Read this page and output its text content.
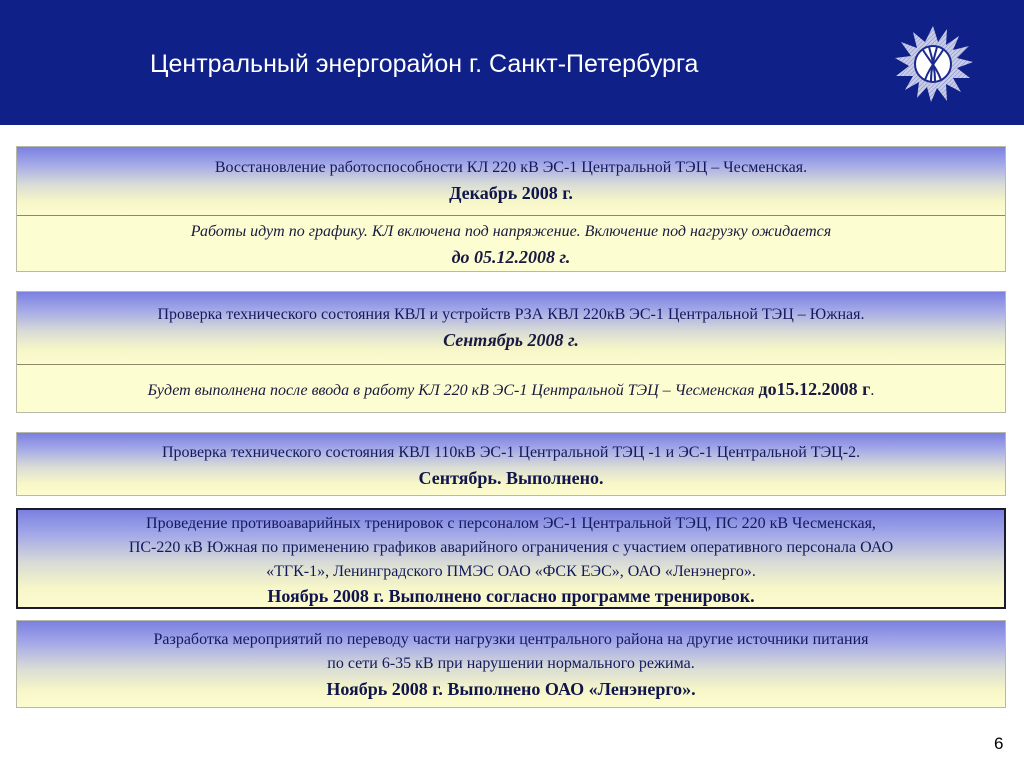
Центральный энергорайон г. Санкт-Петербурга
Восстановление работоспособности КЛ 220 кВ ЭС-1 Центральной ТЭЦ – Чесменская.
Декабрь 2008 г.
Работы идут по графику. КЛ включена под напряжение. Включение под нагрузку ожидается
до 05.12.2008 г.
Проверка технического состояния КВЛ и устройств РЗА КВЛ 220кВ ЭС-1 Центральной ТЭЦ – Южная.
Сентябрь 2008 г.
Будет выполнена после ввода в работу КЛ 220 кВ ЭС-1 Центральной ТЭЦ – Чесменская до15.12.2008 г.
Проверка технического состояния КВЛ 110кВ ЭС-1 Центральной ТЭЦ -1 и ЭС-1 Центральной ТЭЦ-2.
Сентябрь. Выполнено.
Проведение противоаварийных тренировок с персоналом ЭС-1 Центральной ТЭЦ, ПС 220 кВ Чесменская,
ПС-220 кВ Южная по применению графиков аварийного ограничения с участием оперативного персонала ОАО
«ТГК-1», Ленинградского ПМЭС ОАО «ФСК ЕЭС», ОАО «Ленэнерго».
Ноябрь 2008 г. Выполнено согласно программе тренировок.
Разработка мероприятий по переводу части нагрузки центрального района на другие источники питания
по сети 6-35 кВ при нарушении нормального режима.
Ноябрь 2008 г. Выполнено ОАО «Ленэнерго».
6
